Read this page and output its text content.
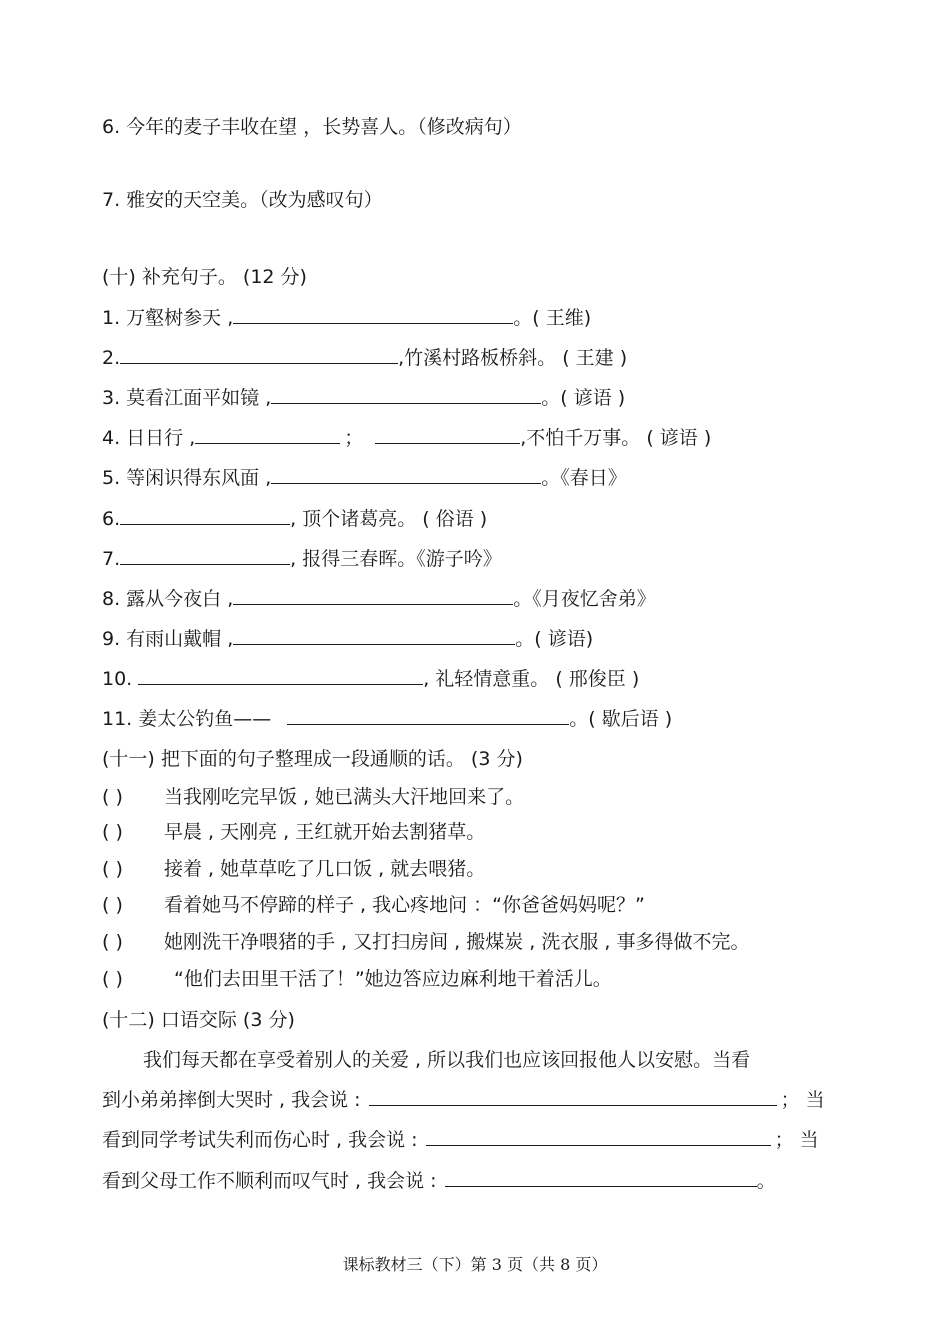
6. 今年的麦子丰收在望 ，长势喜人。（修改病句）
7. 雅安的天空美。（改为感叹句）
(十) 补充句子。 (12 分)
1. 万壑树参天 ,	。( 王维)
2.	,竹溪村路板桥斜。 ( 王建 )
3. 莫看江面平如镜 ,	。( 谚语 )
4. 日日行 ,	；	,不怕千万事。 ( 谚语 )
5. 等闲识得东风面 ,	。《春日》
6.	, 顶个诸葛亮。 ( 俗语 )
7.	, 报得三春晖。《游子吟》
8. 露从今夜白 ,	。《月夜忆舍弟》
9. 有雨山戴帽 ,	。( 谚语)
10.	, 礼轻情意重。 ( 邢俊臣 )
11. 姜太公钓鱼——	。( 歇后语 )
(十一) 把下面的句子整理成一段通顺的话。 (3 分)
( ) 当我刚吃完早饭 , 她已满头大汗地回来了。
( ) 早晨 , 天刚亮 , 王红就开始去割猪草。
( ) 接着 , 她草草吃了几口饭 , 就去喂猪。
( ) 看着她马不停蹄的样子 , 我心疼地问 ：“你爸爸妈妈呢？”
( ) 她刚洗干净喂猪的手 , 又打扫房间 , 搬煤炭 , 洗衣服 , 事多得做不完。
( )	“他们去田里干活了！”她边答应边麻利地干着活儿。
(十二) 口语交际 (3 分)
我们每天都在享受着别人的关爱 , 所以我们也应该回报他人以安慰。当看
到小弟弟摔倒大哭时 , 我会说 :	； 当
看到同学考试失利而伤心时 , 我会说 :	； 当
看到父母工作不顺利而叹气时 , 我会说 :	。
课标教材三（下）第 3 页（共 8 页）
